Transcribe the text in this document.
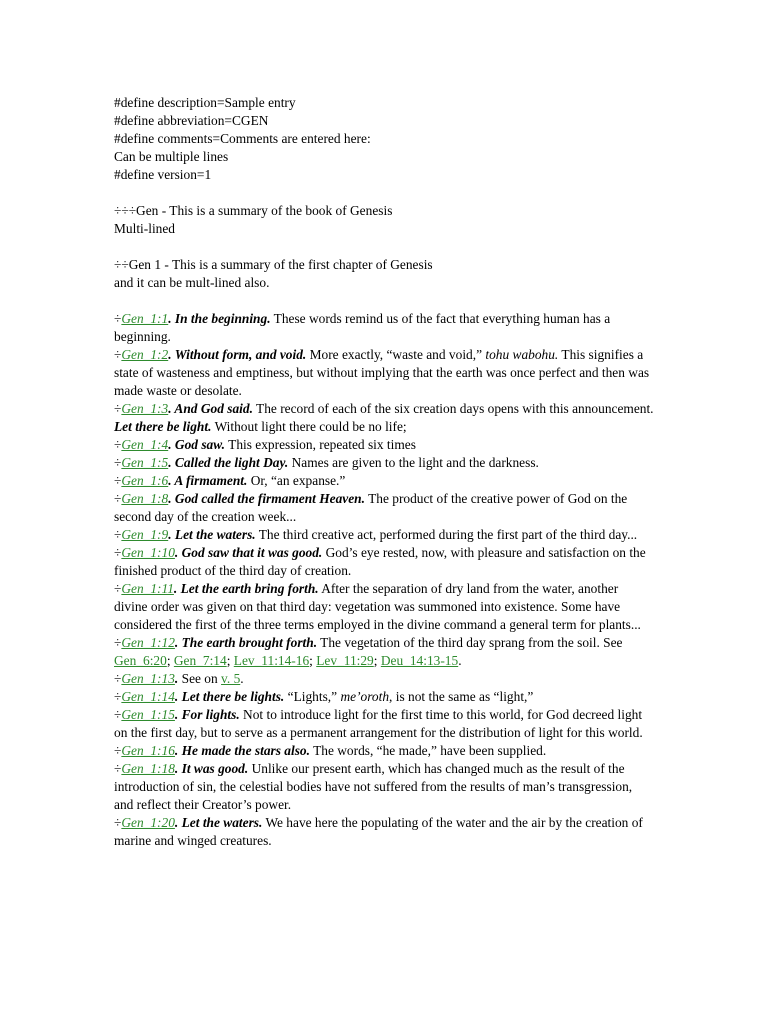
#define description=Sample entry
#define abbreviation=CGEN
#define comments=Comments are entered here:
Can be multiple lines
#define version=1
÷÷÷Gen - This is a summary of the book of Genesis
Multi-lined
÷÷Gen 1 - This is a summary of the first chapter of Genesis
and it can be mult-lined also.

÷Gen_1:1. In the beginning. These words remind us of the fact that everything human has a beginning.

÷Gen_1:2. Without form, and void. More exactly, “waste and void,” tohu wabohu. This signifies a state of wasteness and emptiness, but without implying that the earth was once perfect and then was made waste or desolate.

÷Gen_1:3. And God said. The record of each of the six creation days opens with this announcement.

Let there be light. Without light there could be no life;

÷Gen_1:4. God saw. This expression, repeated six times

÷Gen_1:5. Called the light Day. Names are given to the light and the darkness.

÷Gen_1:6. A firmament. Or, “an expanse.”

÷Gen_1:8. God called the firmament Heaven. The product of the creative power of God on the second day of the creation week...

÷Gen_1:9. Let the waters. The third creative act, performed during the first part of the third day...

÷Gen_1:10. God saw that it was good. God’s eye rested, now, with pleasure and satisfaction on the finished product of the third day of creation.

÷Gen_1:11. Let the earth bring forth. After the separation of dry land from the water, another divine order was given on that third day: vegetation was summoned into existence. Some have considered the first of the three terms employed in the divine command a general term for plants...

÷Gen_1:12. The earth brought forth. The vegetation of the third day sprang from the soil. See Gen_6:20; Gen_7:14; Lev_11:14-16; Lev_11:29; Deu_14:13-15.

÷Gen_1:13. See on v. 5.

÷Gen_1:14. Let there be lights. “Lights,” me’oroth, is not the same as “light,”

÷Gen_1:15. For lights. Not to introduce light for the first time to this world, for God decreed light on the first day, but to serve as a permanent arrangement for the distribution of light for this world.

÷Gen_1:16. He made the stars also. The words, “he made,” have been supplied.

÷Gen_1:18. It was good. Unlike our present earth, which has changed much as the result of the introduction of sin, the celestial bodies have not suffered from the results of man’s transgression, and reflect their Creator’s power.

÷Gen_1:20. Let the waters. We have here the populating of the water and the air by the creation of marine and winged creatures.
